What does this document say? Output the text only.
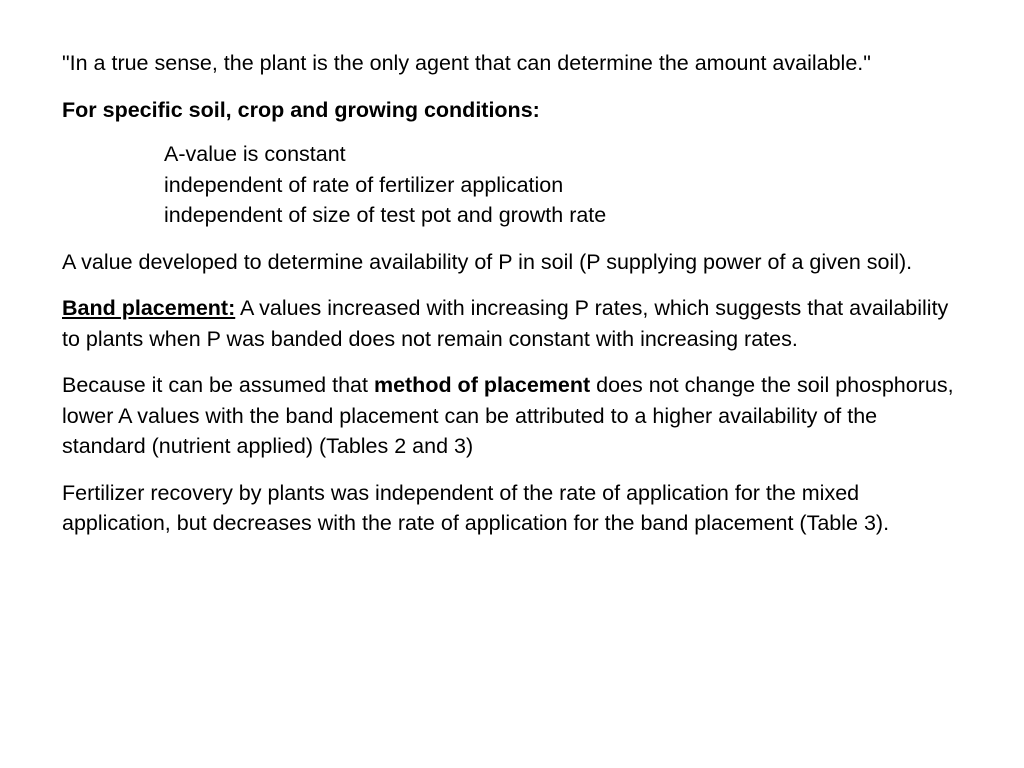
"In a true sense, the plant is the only agent that can determine the amount available."

For specific soil, crop and growing conditions:

A-value is constant
independent of rate of fertilizer application
independent of size of test pot and growth rate

A value developed to determine availability of P in soil (P supplying power of a given soil).

Band placement: A values increased with increasing P rates, which suggests that availability to plants when P was banded does not remain constant with increasing rates.

Because it can be assumed that method of placement does not change the soil phosphorus, lower A values with the band placement can be attributed to a higher availability of the standard (nutrient applied) (Tables 2 and 3)

Fertilizer recovery by plants was independent of the rate of application for the mixed application, but decreases with the rate of application for the band placement (Table 3).
